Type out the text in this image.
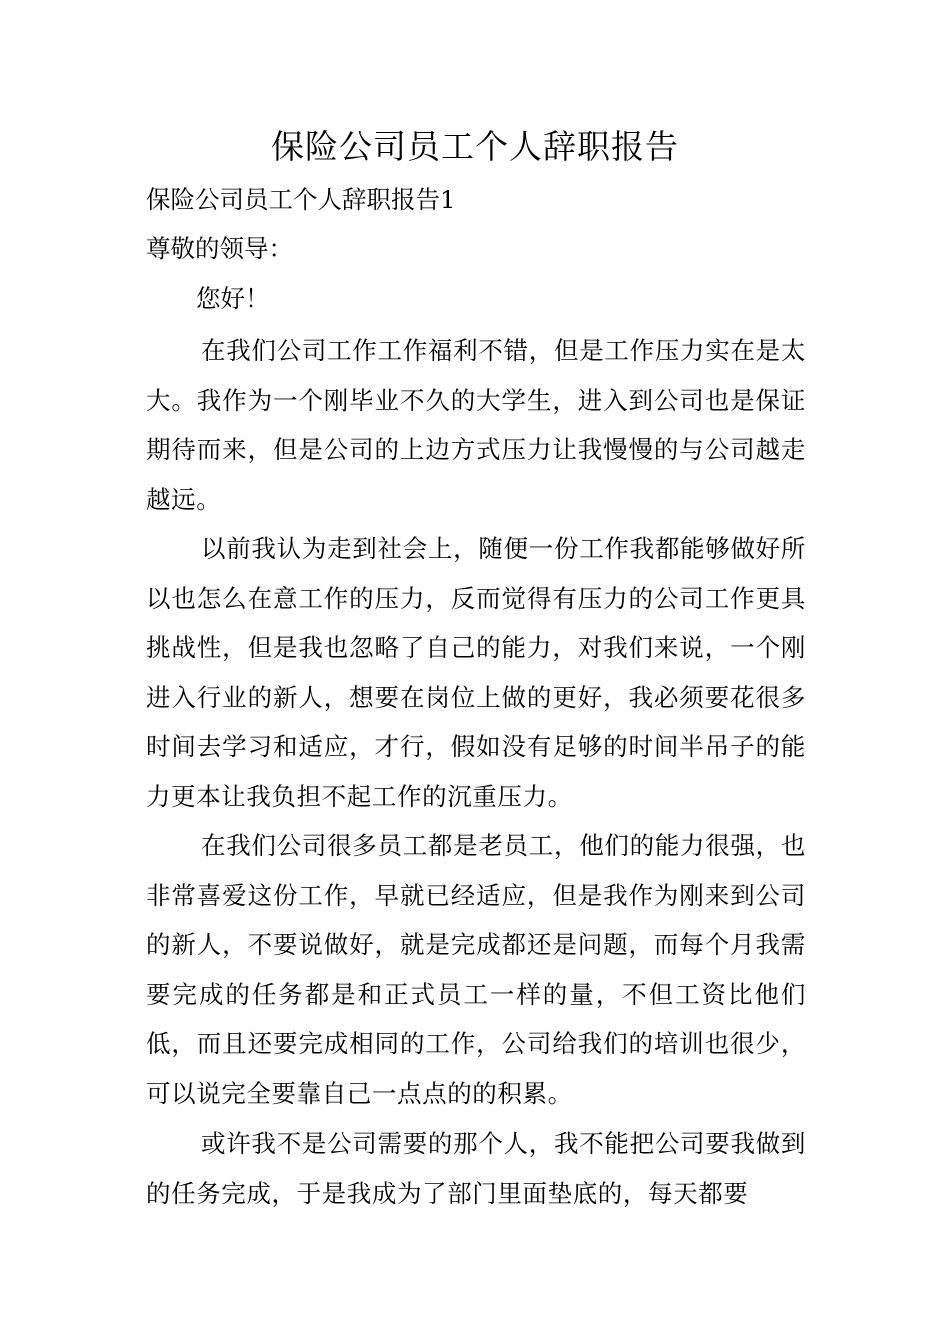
保险公司员工个人辞职报告

保险公司员工个人辞职报告1

尊敬的领导：

您好！

在我们公司工作工作福利不错，但是工作压力实在是太大。我作为一个刚毕业不久的大学生，进入到公司也是保证期待而来，但是公司的上边方式压力让我慢慢的与公司越走越远。

以前我认为走到社会上，随便一份工作我都能够做好所以也怎么在意工作的压力，反而觉得有压力的公司工作更具挑战性，但是我也忽略了自己的能力，对我们来说，一个刚进入行业的新人，想要在岗位上做的更好，我必须要花很多时间去学习和适应，才行，假如没有足够的时间半吊子的能力更本让我负担不起工作的沉重压力。

在我们公司很多员工都是老员工，他们的能力很强，也非常喜爱这份工作，早就已经适应，但是我作为刚来到公司的新人，不要说做好，就是完成都还是问题，而每个月我需要完成的任务都是和正式员工一样的量，不但工资比他们低，而且还要完成相同的工作，公司给我们的培训也很少，可以说完全要靠自己一点点的的积累。

或许我不是公司需要的那个人，我不能把公司要我做到的任务完成，于是我成为了部门里面垫底的，每天都要
